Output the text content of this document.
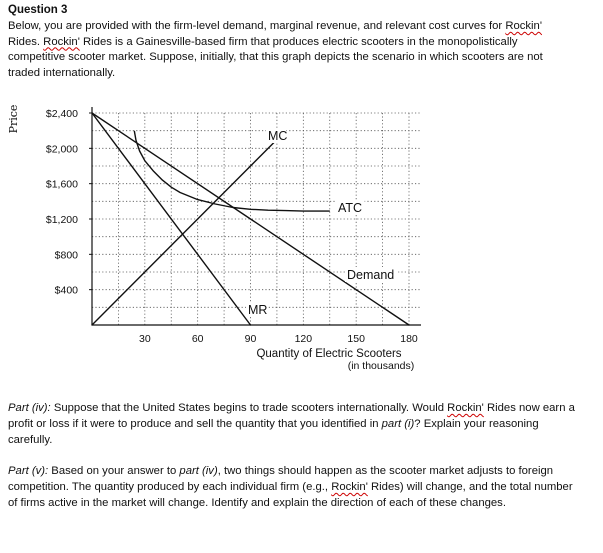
Question 3
Below, you are provided with the firm-level demand, marginal revenue, and relevant cost curves for Rockin' Rides. Rockin' Rides is a Gainesville-based firm that produces electric scooters in the monopolistically competitive scooter market. Suppose, initially, that this graph depicts the scenario in which scooters are not traded internationally.
$400
$800
$1,200
$1,600
$2,000
$2,400
30	60	90	120	150	180
Price
Quantity of Electric Scooters
(in thousands)
MC
ATC
Demand
MR
Part (iv): Suppose that the United States begins to trade scooters internationally. Would Rockin' Rides now earn a profit or loss if it were to produce and sell the quantity that you identified in part (i)? Explain your reasoning carefully.
Part (v): Based on your answer to part (iv), two things should happen as the scooter market adjusts to foreign competition. The quantity produced by each individual firm (e.g., Rockin' Rides) will change, and the total number of firms active in the market will change. Identify and explain the direction of each of these changes.
